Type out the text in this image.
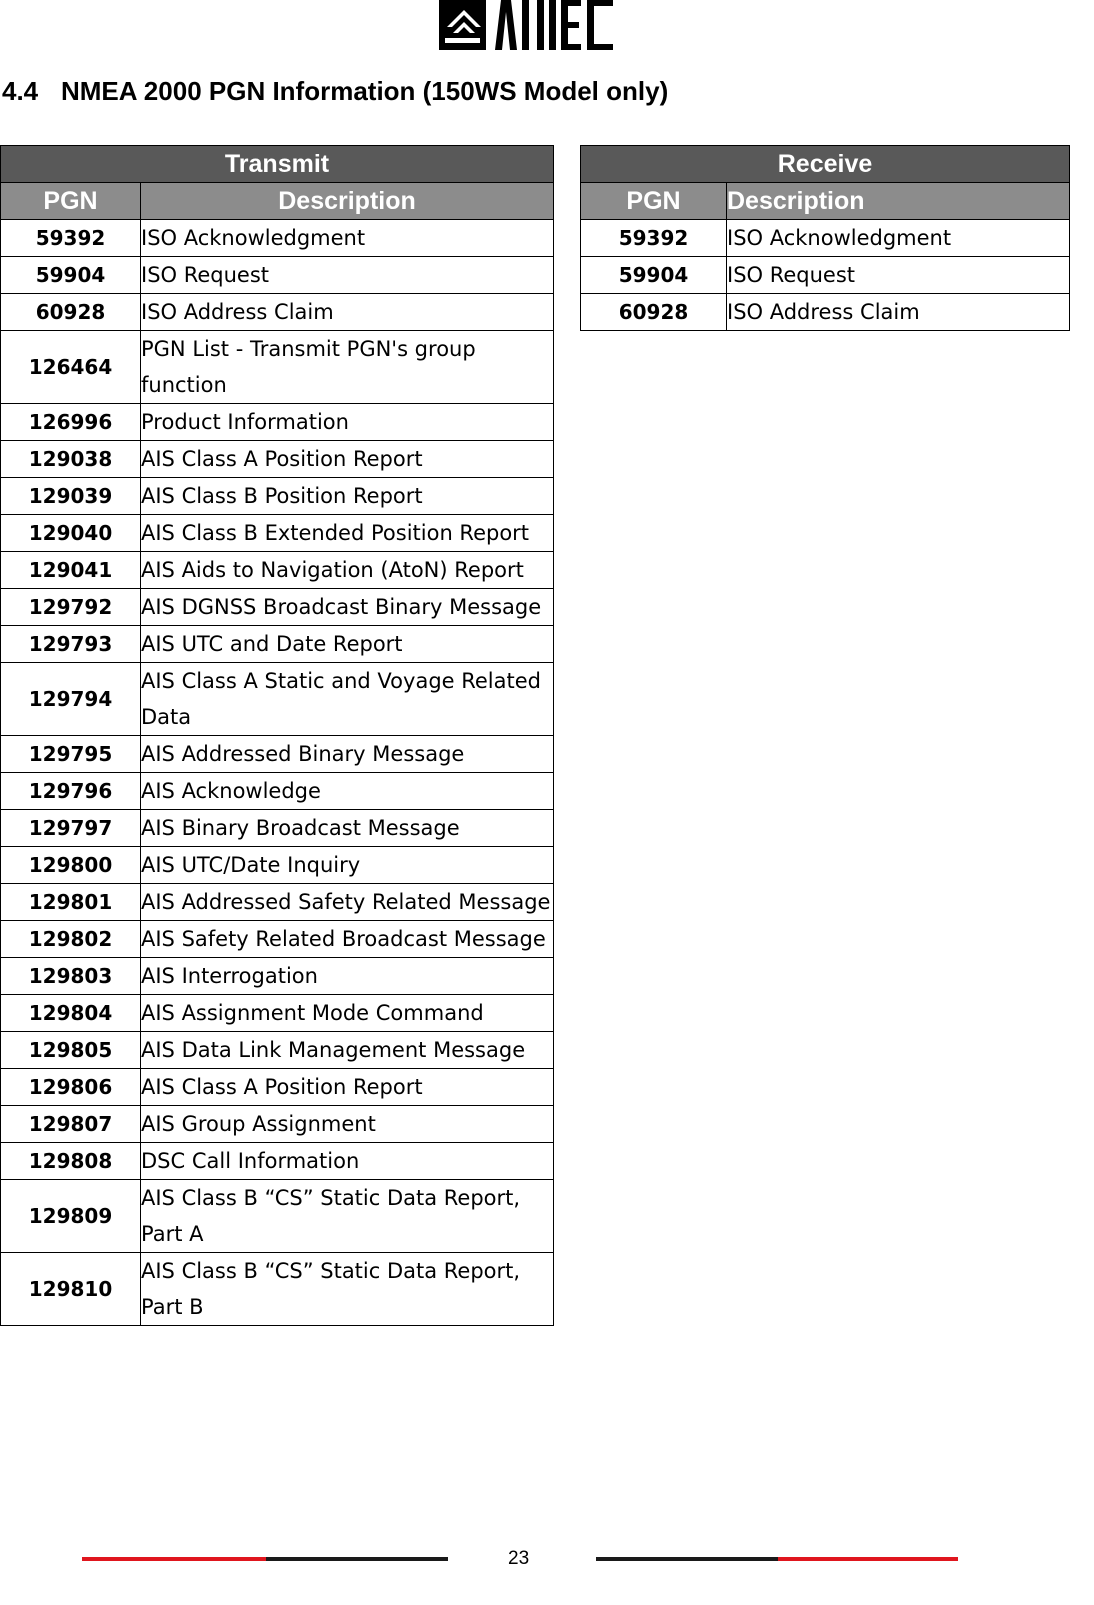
4.4 NMEA 2000 PGN Information (150WS Model only)
Transmit	
PGN	Description
59392	ISO Acknowledgment
59904	ISO Request
60928	ISO Address Claim
126464	PGN List - Transmit PGN's group function
126996	Product Information
129038	AIS Class A Position Report
129039	AIS Class B Position Report
129040	AIS Class B Extended Position Report
129041	AIS Aids to Navigation (AtoN) Report
129792	AIS DGNSS Broadcast Binary Message
129793	AIS UTC and Date Report
129794	AIS Class A Static and Voyage Related Data
129795	AIS Addressed Binary Message
129796	AIS Acknowledge
129797	AIS Binary Broadcast Message
129800	AIS UTC/Date Inquiry
129801	AIS Addressed Safety Related Message
129802	AIS Safety Related Broadcast Message
129803	AIS Interrogation
129804	AIS Assignment Mode Command
129805	AIS Data Link Management Message
129806	AIS Class A Position Report
129807	AIS Group Assignment
129808	DSC Call Information
129809	AIS Class B “CS” Static Data Report, Part A
129810	AIS Class B “CS” Static Data Report, Part B
Receive	
PGN	Description
59392	ISO Acknowledgment
59904	ISO Request
60928	ISO Address Claim
23
